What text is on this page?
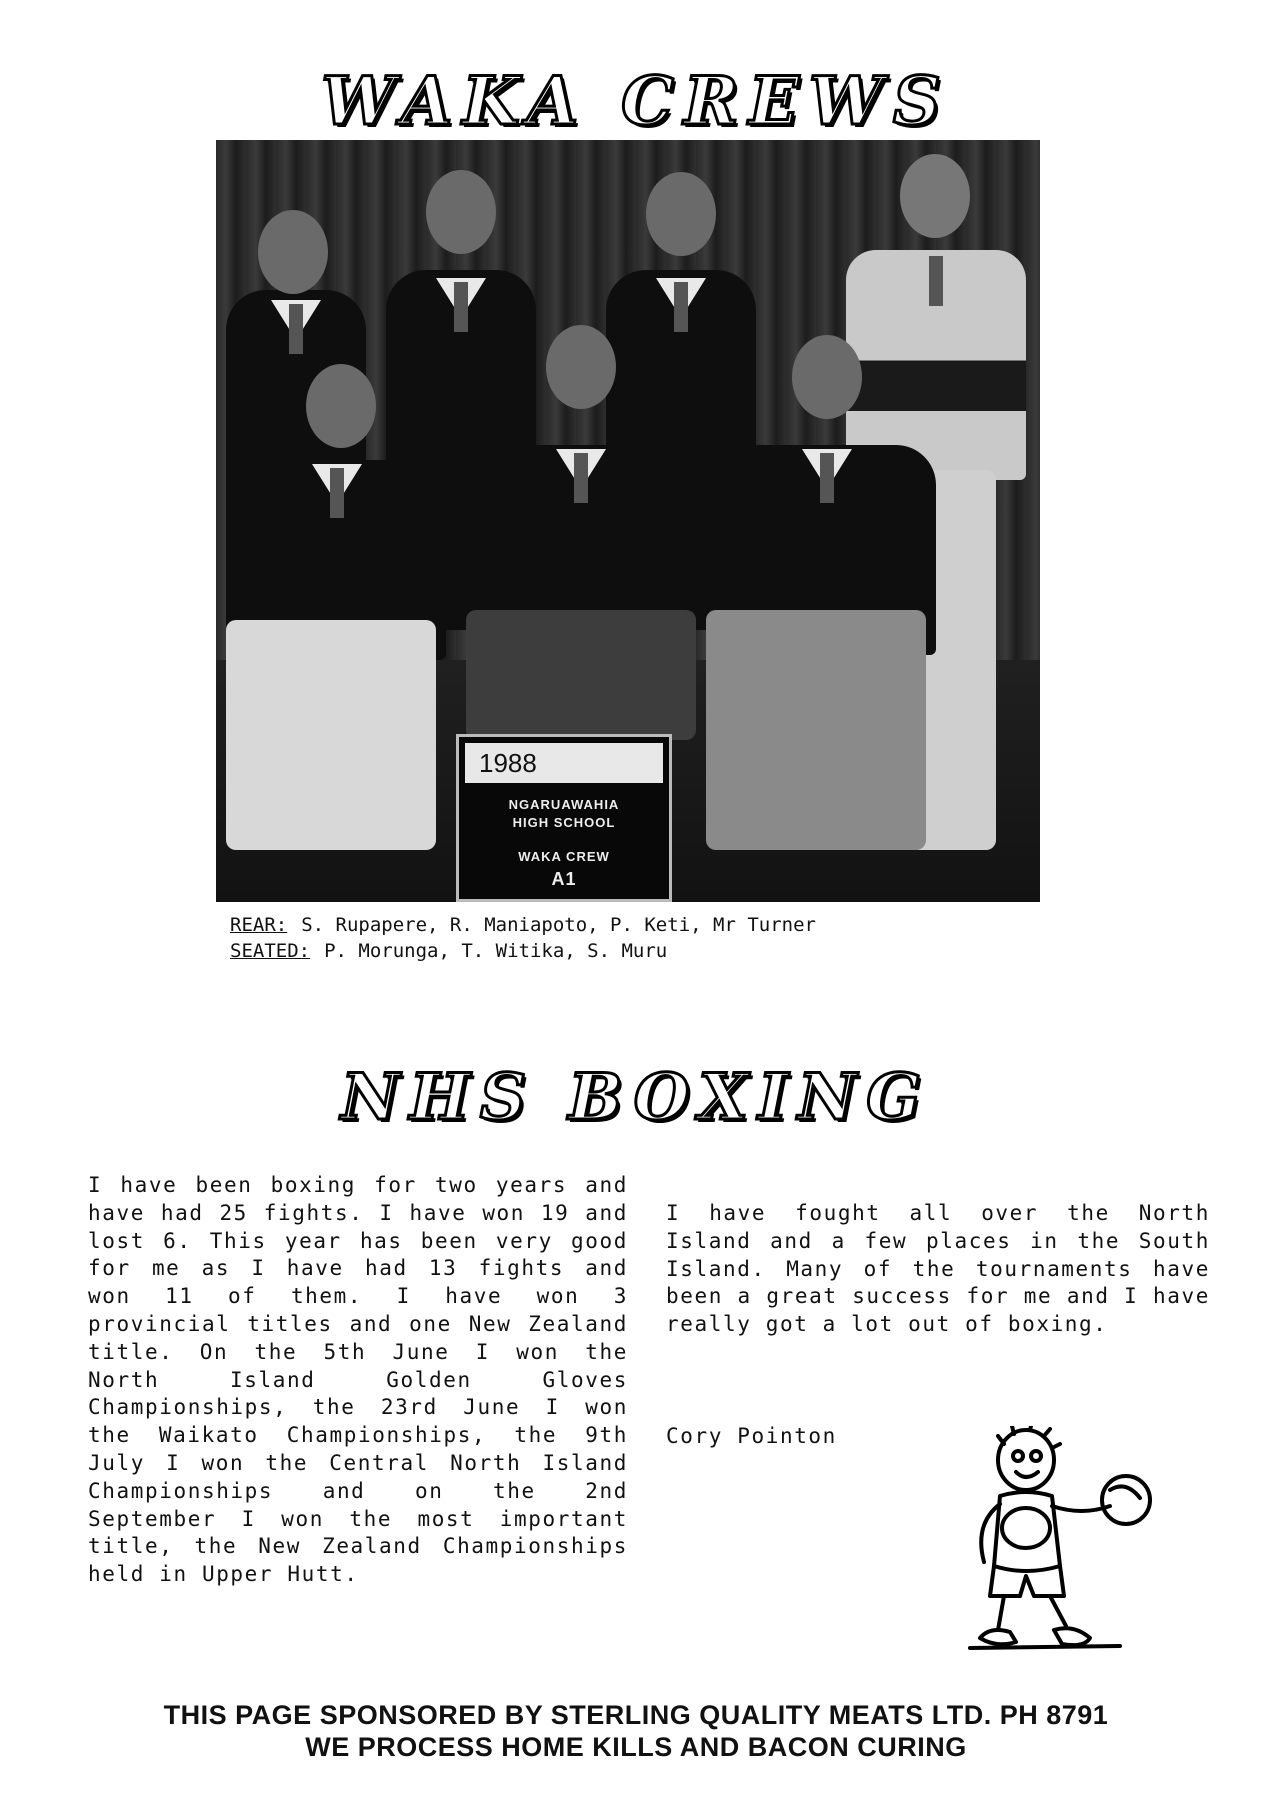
WAKA CREWS
1988
NGARUAWAHIA
HIGH SCHOOL
WAKA CREW
A1
REAR: S. Rupapere, R. Maniapoto, P. Keti, Mr Turner
SEATED: P. Morunga, T. Witika, S. Muru
NHS BOXING
I have been boxing for two years and have had 25 fights. I have won 19 and lost 6. This year has been very good for me as I have had 13 fights and won 11 of them. I have won 3 provincial titles and one New Zealand title. On the 5th June I won the North Island Golden Gloves Championships, the 23rd June I won the Waikato Championships, the 9th July I won the Central North Island Championships and on the 2nd September I won the most important title, the New Zealand Championships held in Upper Hutt.
I have fought all over the North Island and a few places in the South Island. Many of the tournaments have been a great success for me and I have really got a lot out of boxing.
Cory Pointon
THIS PAGE SPONSORED BY STERLING QUALITY MEATS LTD. PH 8791
WE PROCESS HOME KILLS AND BACON CURING
